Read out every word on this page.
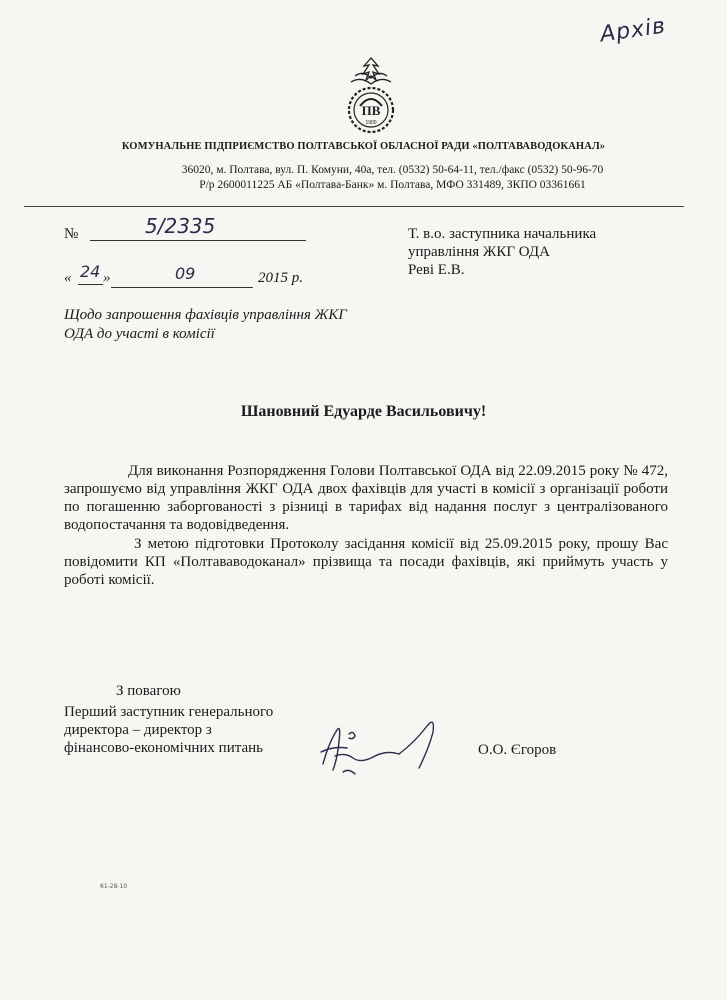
Архів
ПВ
1900
КОМУНАЛЬНЕ ПІДПРИЄМСТВО ПОЛТАВСЬКОЇ ОБЛАСНОЇ РАДИ «ПОЛТАВАВОДОКАНАЛ»
36020, м. Полтава, вул. П. Комуни, 40а, тел. (0532) 50-64-11, тел./факс (0532) 50-96-70
Р/р 2600011225 АБ «Полтава-Банк» м. Полтава, МФО 331489, ЗКПО 03361661
№	5/2335
« 24 »	09	2015 р.
Щодо запрошення фахівців управління ЖКГ ОДА до участі в комісії
Т. в.о. заступника начальника
управління ЖКГ ОДА
Реві Е.В.
Шановний Едуарде Васильовичу!
Для виконання Розпорядження Голови Полтавської ОДА від 22.09.2015 року № 472, запрошуємо від управління ЖКГ ОДА двох фахівців для участі в комісії з організації роботи по погашенню заборгованості з різниці в тарифах від надання послуг з централізованого водопостачання та водовідведення.
З метою підготовки Протоколу засідання комісії від 25.09.2015 року, прошу Вас повідомити КП «Полтававодоканал» прізвища та посади фахівців, які приймуть участь у роботі комісії.
З повагою
Перший заступник генерального
директора – директор з
фінансово-економічних питань	О.О. Єгоров
61-28-10
